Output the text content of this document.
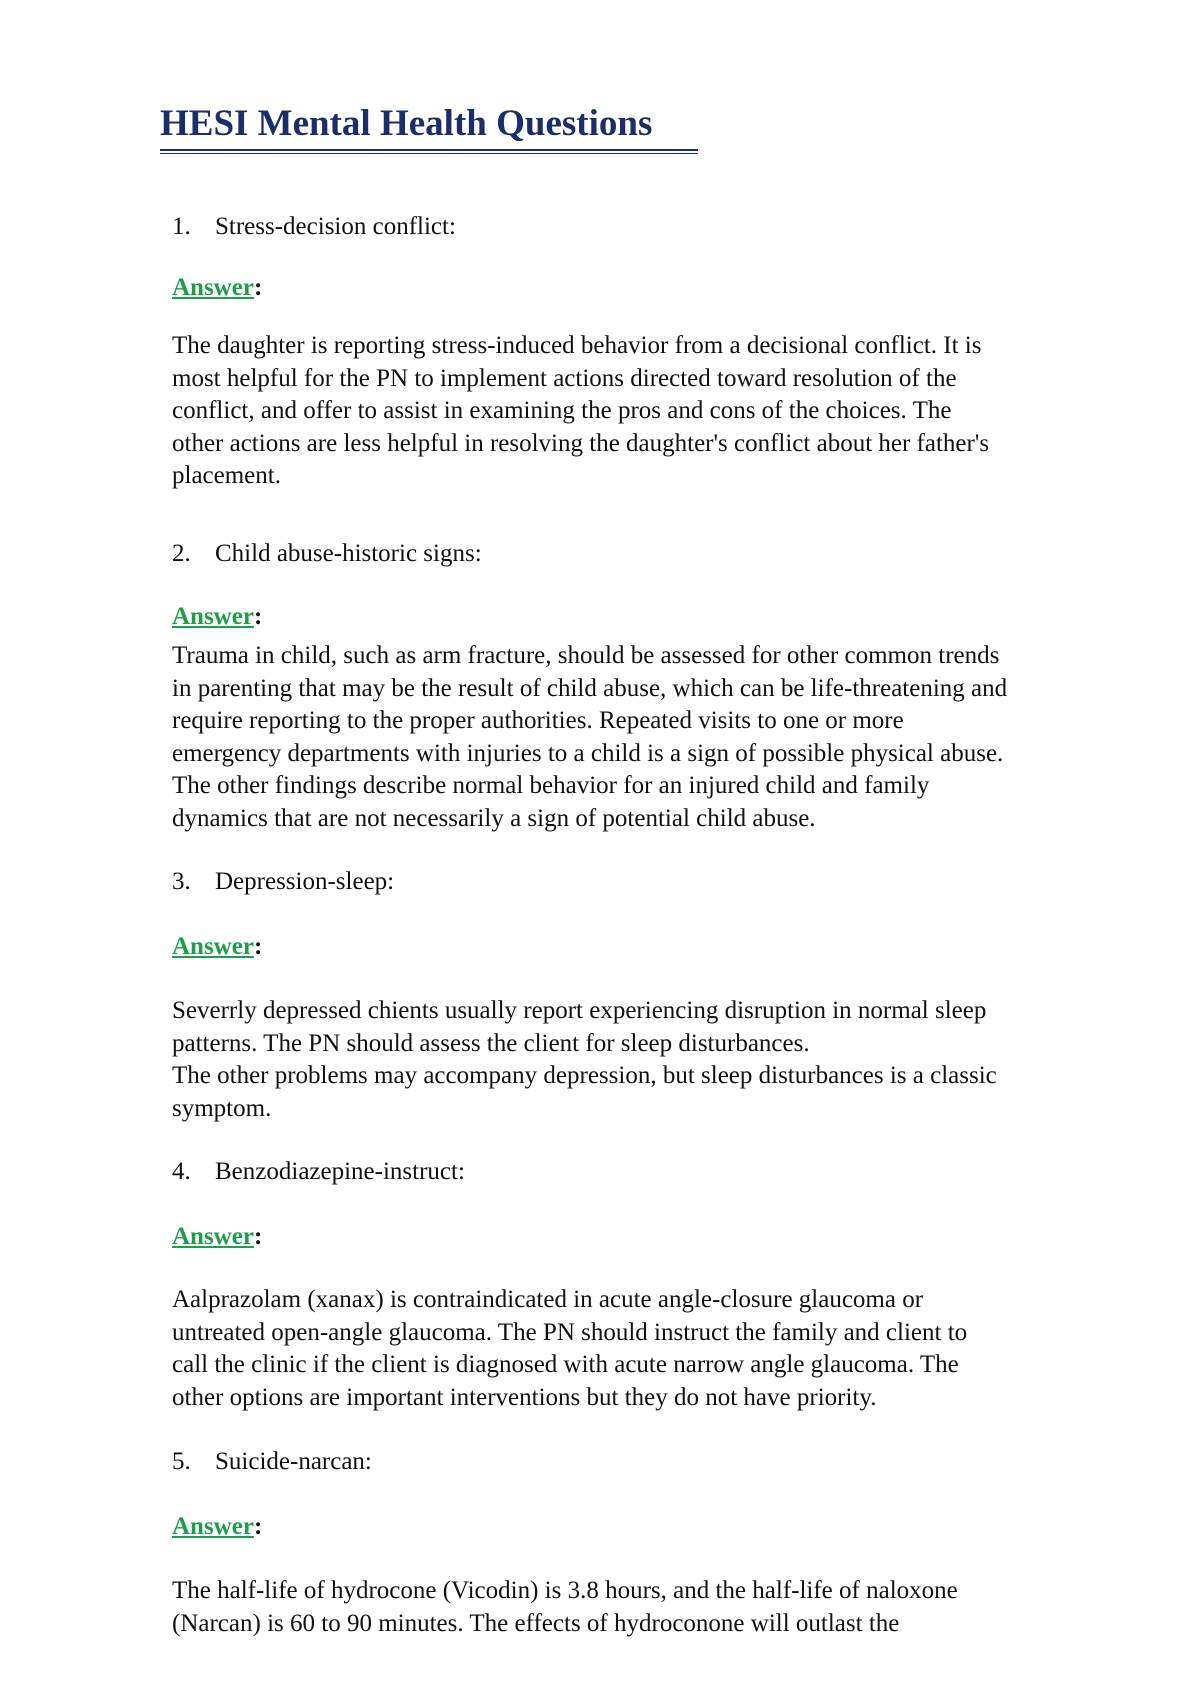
HESI Mental Health Questions
1. Stress-decision conflict:
Answer:
The daughter is reporting stress-induced behavior from a decisional conflict. It is
most helpful for the PN to implement actions directed toward resolution of the
conflict, and offer to assist in examining the pros and cons of the choices. The
other actions are less helpful in resolving the daughter's conflict about her father's
placement.
2. Child abuse-historic signs:
Answer:
Trauma in child, such as arm fracture, should be assessed for other common trends
in parenting that may be the result of child abuse, which can be life-threatening and
require reporting to the proper authorities. Repeated visits to one or more
emergency departments with injuries to a child is a sign of possible physical abuse.
The other findings describe normal behavior for an injured child and family
dynamics that are not necessarily a sign of potential child abuse.
3. Depression-sleep:
Answer:
Severrly depressed chients usually report experiencing disruption in normal sleep
patterns. The PN should assess the client for sleep disturbances.
The other problems may accompany depression, but sleep disturbances is a classic
symptom.
4. Benzodiazepine-instruct:
Answer:
Aalprazolam (xanax) is contraindicated in acute angle-closure glaucoma or
untreated open-angle glaucoma. The PN should instruct the family and client to
call the clinic if the client is diagnosed with acute narrow angle glaucoma. The
other options are important interventions but they do not have priority.
5. Suicide-narcan:
Answer:
The half-life of hydrocone (Vicodin) is 3.8 hours, and the half-life of naloxone
(Narcan) is 60 to 90 minutes. The effects of hydroconone will outlast the
